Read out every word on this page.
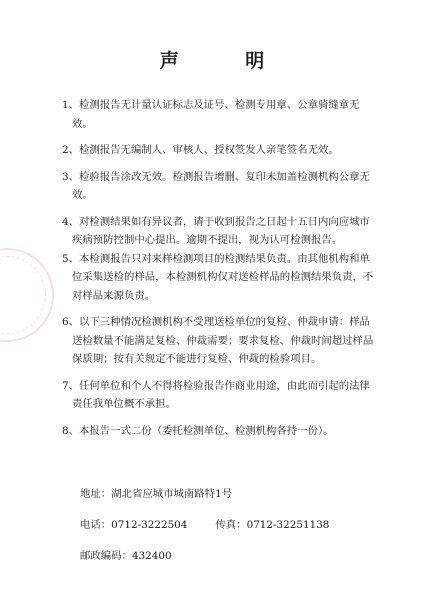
声 明

1、检测报告无计量认证标志及证号、检测专用章、公章骑缝章无效。

2、检测报告无编制人、审核人、授权签发人亲笔签名无效。

3、检验报告涂改无效。检测报告增删、复印未加盖检测机构公章无效。

4、对检测结果如有异议者，请于收到报告之日起十五日内向应城市疾病预防控制中心提出。逾期不提出，视为认可检测报告。

5、本检测报告只对来样检测项目的检测结果负责。由其他机构和单位采集送检的样品，本检测机构仅对送检样品的检测结果负责，不对样品来源负责。

6、以下三种情况检测机构不受理送检单位的复检、仲裁申请：样品送检数量不能满足复检、仲裁需要；要求复检、仲裁时间超过样品保质期；按有关规定不能进行复检、仲裁的检验项目。

7、任何单位和个人不得将检验报告作商业用途，由此而引起的法律责任我单位概不承担。

8、本报告一式二份（委托检测单位、检测机构各持一份）。

地址：湖北省应城市城南路特1号
电话：0712-3222504	传真：0712-32251138
邮政编码：432400
